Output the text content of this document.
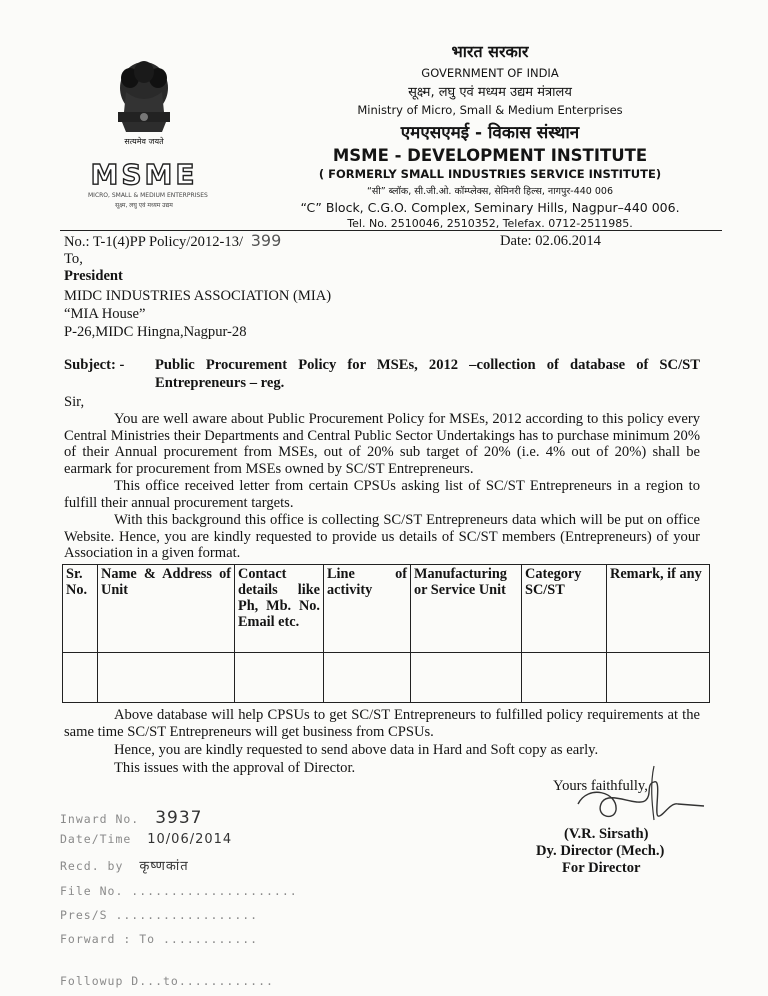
सत्यमेव जयते
MSME
MICRO, SMALL & MEDIUM ENTERPRISES
सूक्ष्म, लघु एवं मध्यम उद्यम
भारत सरकार
GOVERNMENT OF INDIA
सूक्ष्म, लघु एवं मध्यम उद्यम मंत्रालय
Ministry of Micro, Small & Medium Enterprises
एमएसएमई - विकास संस्थान
MSME - DEVELOPMENT INSTITUTE
( FORMERLY SMALL INDUSTRIES SERVICE INSTITUTE)
“सी” ब्लॉक, सी.जी.ओ. कॉम्प्लेक्स, सेमिनरी हिल्स, नागपुर-440 006
“C” Block, C.G.O. Complex, Seminary Hills, Nagpur–440 006.
Tel. No. 2510046, 2510352, Telefax. 0712-2511985.
No.: T-1(4)PP Policy/2012-13/ 399	Date: 02.06.2014
To,
President
MIDC INDUSTRIES ASSOCIATION (MIA)
“MIA House”
P-26,MIDC Hingna,Nagpur-28
Subject: - Public Procurement Policy for MSEs, 2012 –collection of database of SC/ST
Entrepreneurs – reg.
Sir,
You are well aware about Public Procurement Policy for MSEs, 2012 according to this policy every Central Ministries their Departments and Central Public Sector Undertakings has to purchase minimum 20% of their Annual procurement from MSEs, out of 20% sub target of 20% (i.e. 4% out of 20%) shall be earmark for procurement from MSEs owned by SC/ST Entrepreneurs.
This office received letter from certain CPSUs asking list of SC/ST Entrepreneurs in a region to fulfill their annual procurement targets.
With this background this office is collecting SC/ST Entrepreneurs data which will be put on office Website. Hence, you are kindly requested to provide us details of SC/ST members (Entrepreneurs) of your Association in a given format.
Sr. No.	Name & Address of Unit	Contact details like Ph, Mb. No. Email etc.	Line of activity	Manufacturing or Service Unit	Category SC/ST	Remark, if any

Above database will help CPSUs to get SC/ST Entrepreneurs to fulfilled policy requirements at the same time SC/ST Entrepreneurs will get business from CPSUs.
Hence, you are kindly requested to send above data in Hard and Soft copy as early.
This issues with the approval of Director.
Yours faithfully,
(V.R. Sirsath)
Dy. Director (Mech.)
For Director
Inward No. 3937
Date/Time 10/06/2014
Recd. by कृष्णकांत
File No. .....................
Pres/S ..................
Forward : To ............
Followup D...to............
